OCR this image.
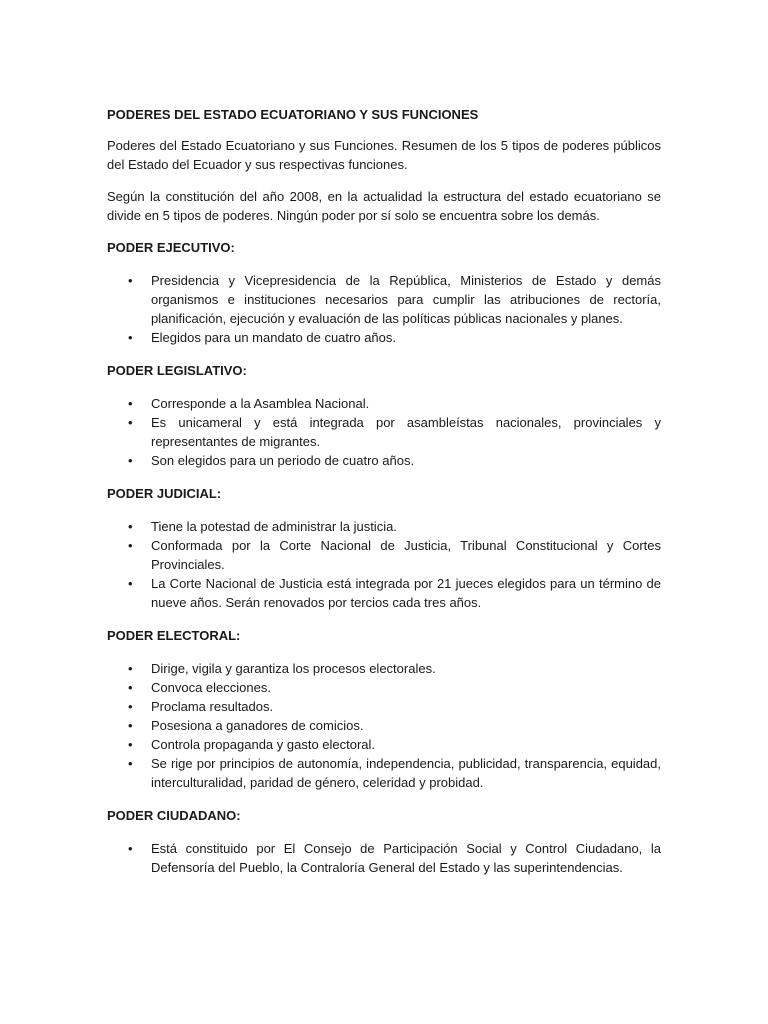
PODERES DEL ESTADO ECUATORIANO Y SUS FUNCIONES

Poderes del Estado Ecuatoriano y sus Funciones. Resumen de los 5 tipos de poderes públicos del Estado del Ecuador y sus respectivas funciones.

Según la constitución del año 2008, en la actualidad la estructura del estado ecuatoriano se divide en 5 tipos de poderes. Ningún poder por sí solo se encuentra sobre los demás.

PODER EJECUTIVO:
• Presidencia y Vicepresidencia de la República, Ministerios de Estado y demás organismos e instituciones necesarios para cumplir las atribuciones de rectoría, planificación, ejecución y evaluación de las políticas públicas nacionales y planes.
• Elegidos para un mandato de cuatro años.
PODER LEGISLATIVO:
• Corresponde a la Asamblea Nacional.
• Es unicameral y está integrada por asambleístas nacionales, provinciales y representantes de migrantes.
• Son elegidos para un periodo de cuatro años.
PODER JUDICIAL:
• Tiene la potestad de administrar la justicia.
• Conformada por la Corte Nacional de Justicia, Tribunal Constitucional y Cortes Provinciales.
• La Corte Nacional de Justicia está integrada por 21 jueces elegidos para un término de nueve años. Serán renovados por tercios cada tres años.
PODER ELECTORAL:
• Dirige, vigila y garantiza los procesos electorales.
• Convoca elecciones.
• Proclama resultados.
• Posesiona a ganadores de comicios.
• Controla propaganda y gasto electoral.
• Se rige por principios de autonomía, independencia, publicidad, transparencia, equidad, interculturalidad, paridad de género, celeridad y probidad.
PODER CIUDADANO:
• Está constituido por El Consejo de Participación Social y Control Ciudadano, la Defensoría del Pueblo, la Contraloría General del Estado y las superintendencias.
